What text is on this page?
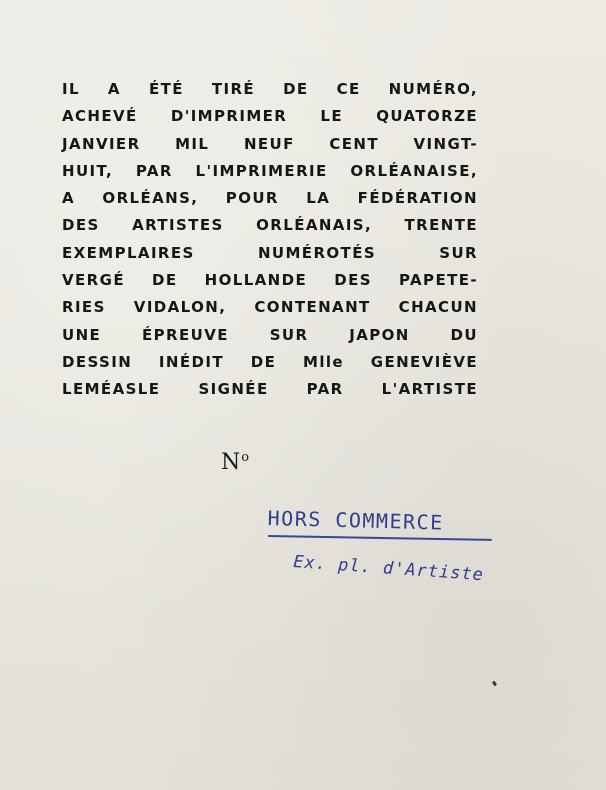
IL A ÉTÉ TIRÉ DE CE NUMÉRO,
ACHEVÉ D'IMPRIMER LE QUATORZE
JANVIER MIL NEUF CENT VINGT-
HUIT, PAR L'IMPRIMERIE ORLÉANAISE,
A ORLÉANS, POUR LA FÉDÉRATION
DES ARTISTES ORLÉANAIS, TRENTE
EXEMPLAIRES NUMÉROTÉS SUR
VERGÉ DE HOLLANDE DES PAPETE-
RIES VIDALON, CONTENANT CHACUN
UNE ÉPREUVE SUR JAPON DU
DESSIN INÉDIT DE Mlle GENEVIÈVE
LEMÉASLE SIGNÉE PAR L'ARTISTE
$N^o$
HORS COMMERCE
Ex. pl. d'Artiste
